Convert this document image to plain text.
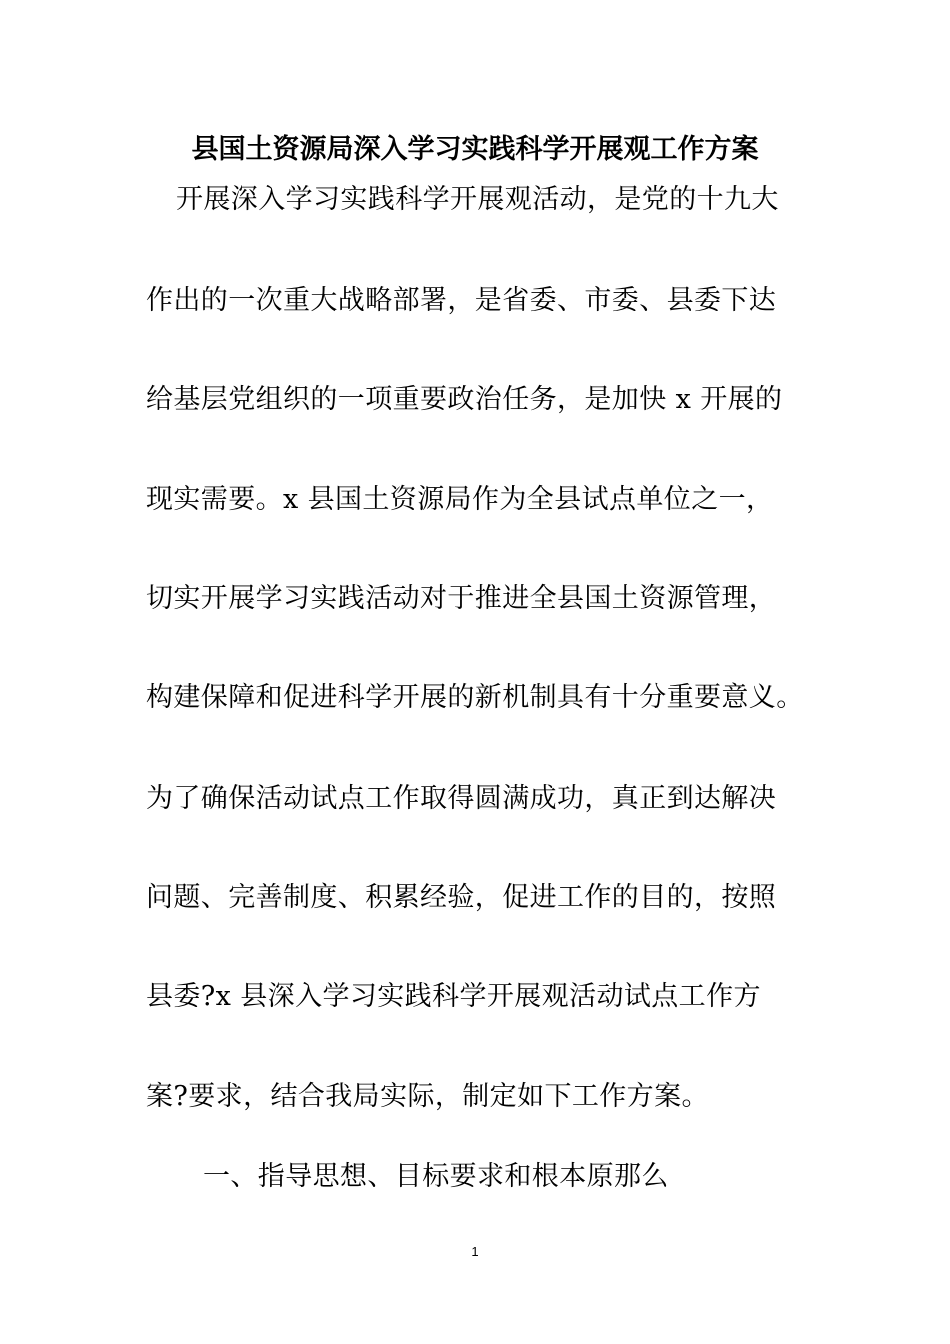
县国土资源局深入学习实践科学开展观工作方案
开展深入学习实践科学开展观活动，是党的十九大
作出的一次重大战略部署，是省委、市委、县委下达
给基层党组织的一项重要政治任务，是加快 x 开展的
现实需要。x 县国土资源局作为全县试点单位之一，
切实开展学习实践活动对于推进全县国土资源管理，
构建保障和促进科学开展的新机制具有十分重要意义。
为了确保活动试点工作取得圆满成功，真正到达解决
问题、完善制度、积累经验，促进工作的目的，按照
县委?x 县深入学习实践科学开展观活动试点工作方
案?要求，结合我局实际，制定如下工作方案。
一、指导思想、目标要求和根本原那么
1
